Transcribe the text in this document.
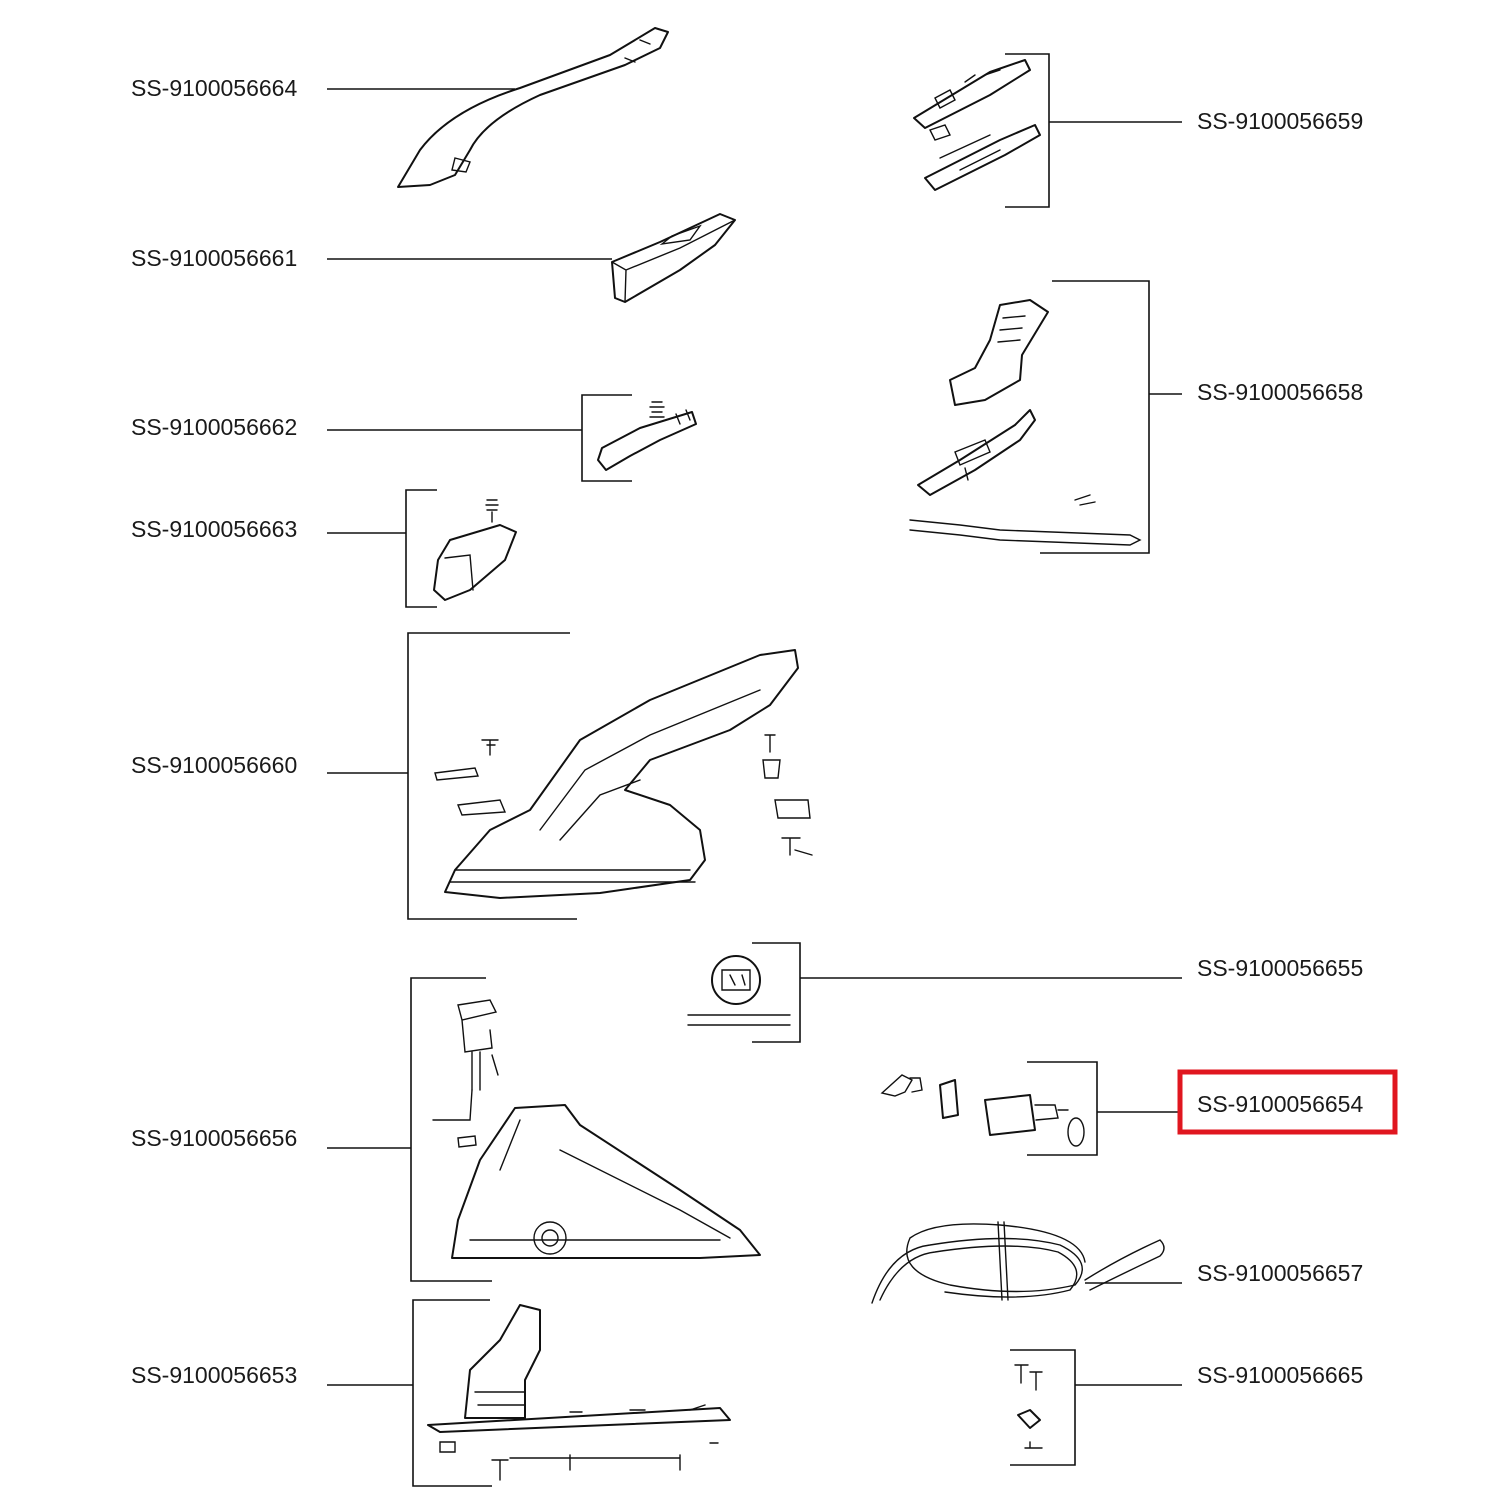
SS-9100056664
SS-9100056661
SS-9100056662
SS-9100056663
SS-9100056660
SS-9100056656
SS-9100056653
SS-9100056659
SS-9100056658
SS-9100056655
SS-9100056654
SS-9100056657
SS-9100056665
